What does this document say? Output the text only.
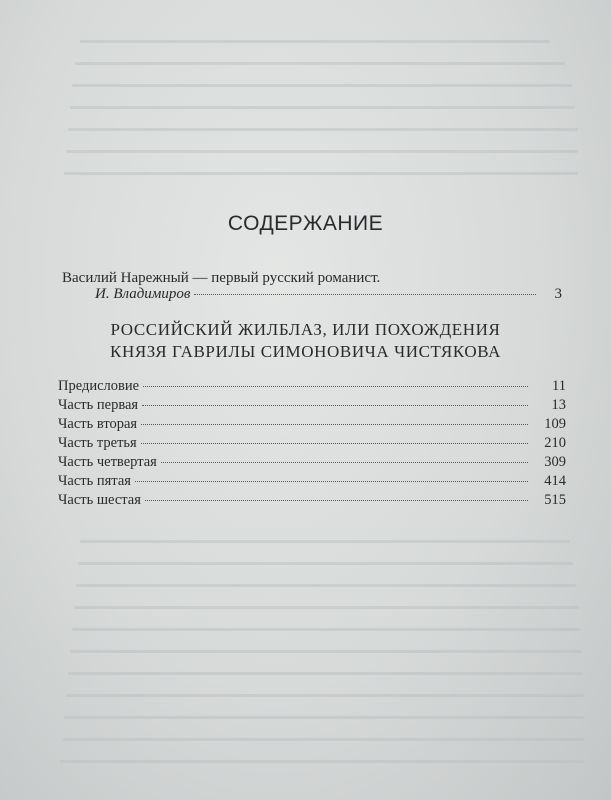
СОДЕРЖАНИЕ
Василий Нарежный — первый русский романист.
И. Владимиров	3
РОССИЙСКИЙ ЖИЛБЛАЗ, ИЛИ ПОХОЖДЕНИЯ
КНЯЗЯ ГАВРИЛЫ СИМОНОВИЧА ЧИСТЯКОВА
Предисловие	11
Часть первая	13
Часть вторая	109
Часть третья	210
Часть четвертая	309
Часть пятая	414
Часть шестая	515
